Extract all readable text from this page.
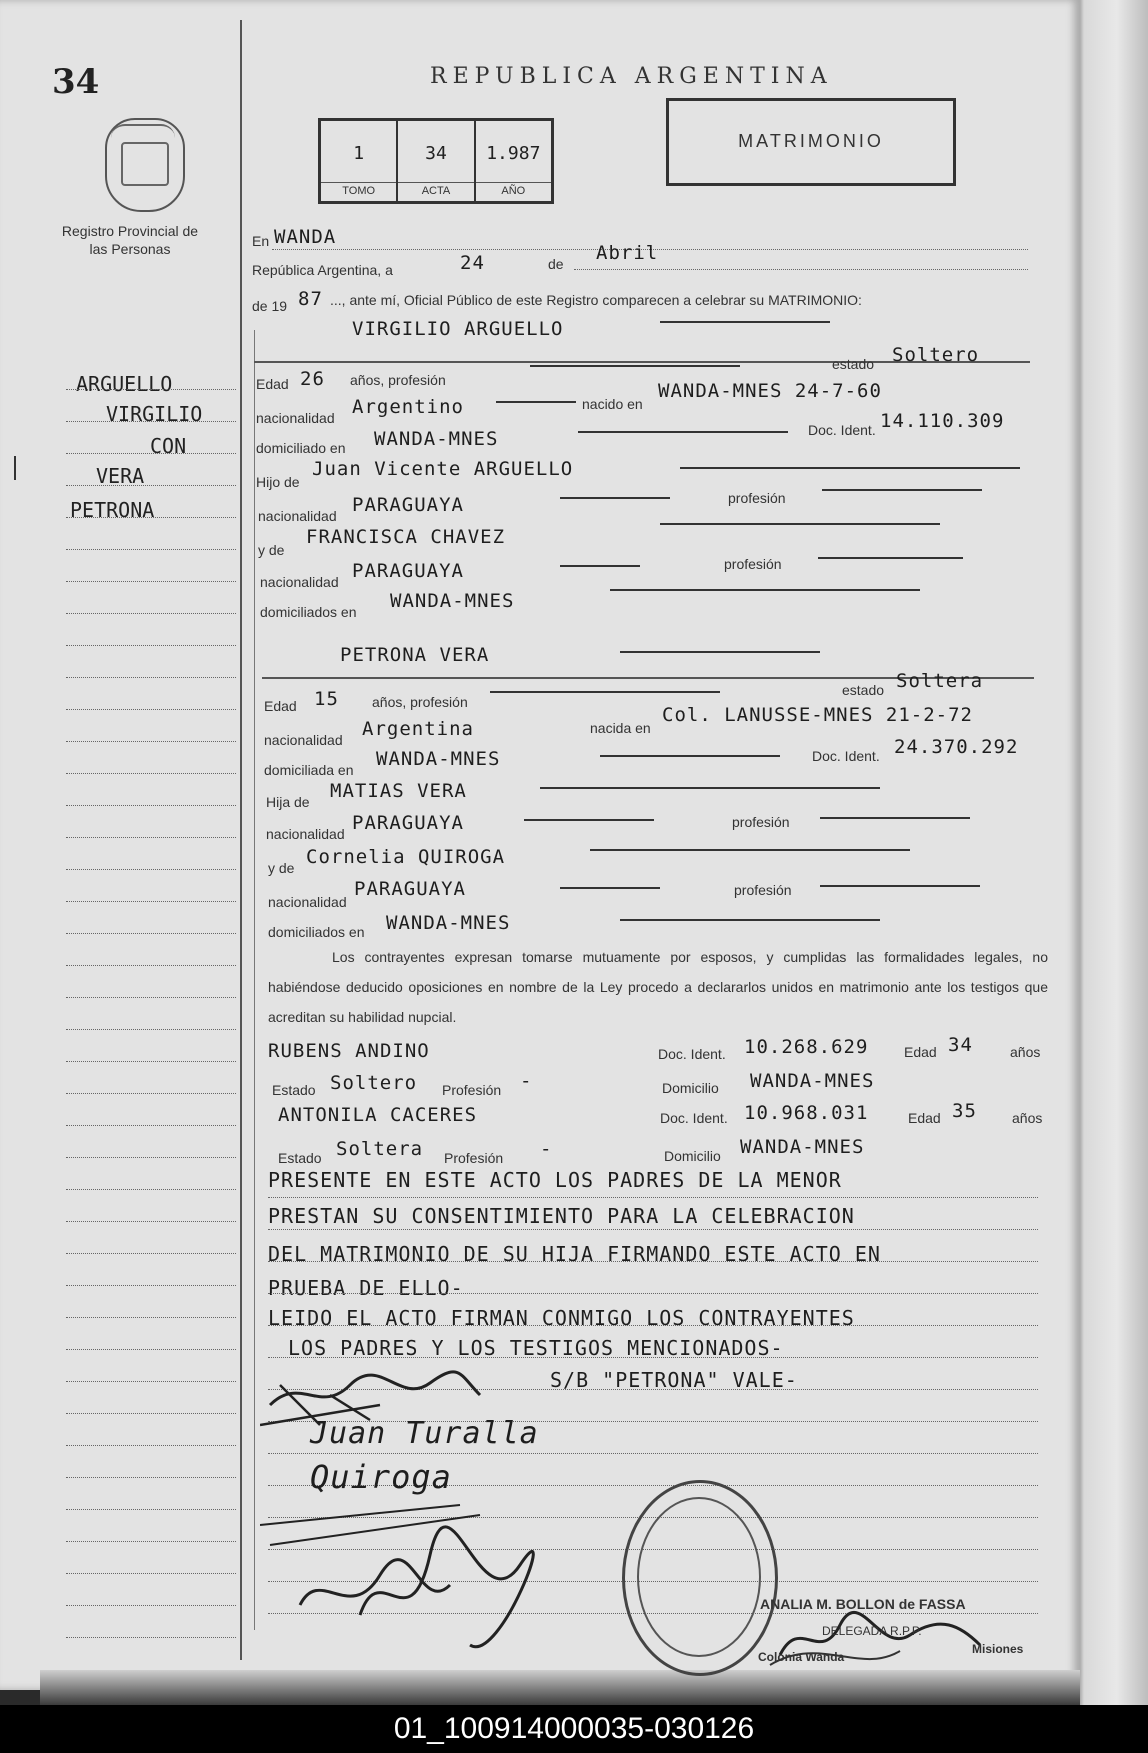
34	REPUBLICA ARGENTINA
Registro Provincial de las Personas
1
TOMO
34
ACTA
1.987
AÑO
MATRIMONIO
ARGUELLO
VIRGILIO
CON
VERA
PETRONA
En WANDA
República Argentina, a	24	de Abril
de 19 87 ..., ante mí, Oficial Público de este Registro comparecen a celebrar su MATRIMONIO:
VIRGILIO ARGUELLO
Edad 26 años, profesión
estado Soltero
nacionalidad Argentino	nacido en
WANDA-MNES 24-7-60
domiciliado en WANDA-MNES	Doc. Ident. 14.110.309
Hijo de
Juan Vicente ARGUELLO
nacionalidad PARAGUAYA	profesión
y de
FRANCISCA CHAVEZ
nacionalidad PARAGUAYA	profesión
domiciliados en WANDA-MNES
PETRONA VERA
Edad 15 años, profesión
estado Soltera
nacionalidad Argentina	nacida en
Col. LANUSSE-MNES 21-2-72
domiciliada en WANDA-MNES	Doc. Ident. 24.370.292
Hija de MATIAS VERA
nacionalidad PARAGUAYA	profesión
y de Cornelia QUIROGA
nacionalidad
PARAGUAYA	profesión
domiciliados en WANDA-MNES
Los contrayentes expresan tomarse mutuamente por esposos, y cumplidas las formalidades legales, no habiéndose deducido oposiciones en nombre de la Ley procedo a declararlos unidos en matrimonio ante los testigos que acreditan su habilidad nupcial.
RUBENS ANDINO	Doc. Ident. 10.268.629	Edad 34	años
Estado Soltero Profesión -	Domicilio WANDA-MNES
ANTONILA CACERES	Doc. Ident. 10.968.031	Edad 35	años
Estado Soltera Profesión -	Domicilio WANDA-MNES
PRESENTE EN ESTE ACTO LOS PADRES DE LA MENOR
PRESTAN SU CONSENTIMIENTO PARA LA CELEBRACION
DEL MATRIMONIO DE SU HIJA FIRMANDO ESTE ACTO EN
PRUEBA DE ELLO-
LEIDO EL ACTO FIRMAN CONMIGO LOS CONTRAYENTES
LOS PADRES Y LOS TESTIGOS MENCIONADOS-
S/B "PETRONA" VALE-
Juan Turalla
Quiroga
ANALIA M. BOLLON de FASSA
DELEGADA R.P.P.
Colonia Wanda
Misiones
01_100914000035-030126
